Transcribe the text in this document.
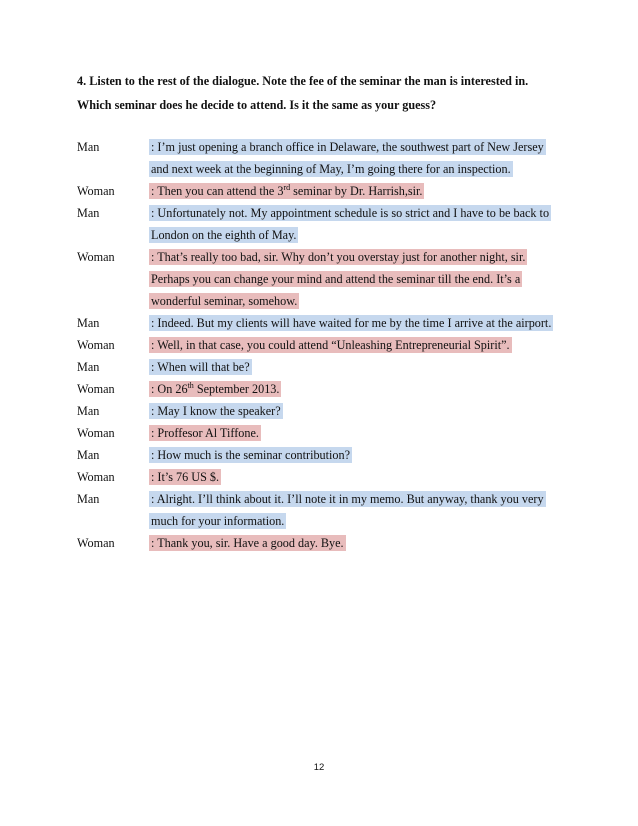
4. Listen to the rest of the dialogue. Note the fee of the seminar the man is interested in.
Which seminar does he decide to attend. Is it the same as your guess?
Man	: I’m just opening a branch office in Delaware, the southwest part of New Jersey
and next week at the beginning of May, I’m going there for an inspection.
Woman	: Then you can attend the 3rd seminar by Dr. Harrish,sir.
Man	: Unfortunately not. My appointment schedule is so strict and I have to be back to
London on the eighth of May.
Woman	: That’s really too bad, sir. Why don’t you overstay just for another night, sir.
Perhaps you can change your mind and attend the seminar till the end. It’s a
wonderful seminar, somehow.
Man	: Indeed. But my clients will have waited for me by the time I arrive at the airport.
Woman	: Well, in that case, you could attend “Unleashing Entrepreneurial Spirit”.
Man	: When will that be?
Woman	: On 26th September 2013.
Man	: May I know the speaker?
Woman	: Proffesor Al Tiffone.
Man	: How much is the seminar contribution?
Woman	: It’s 76 US $.
Man	: Alright. I’ll think about it. I’ll note it in my memo. But anyway, thank you very
much for your information.
Woman	: Thank you, sir. Have a good day. Bye.
12
